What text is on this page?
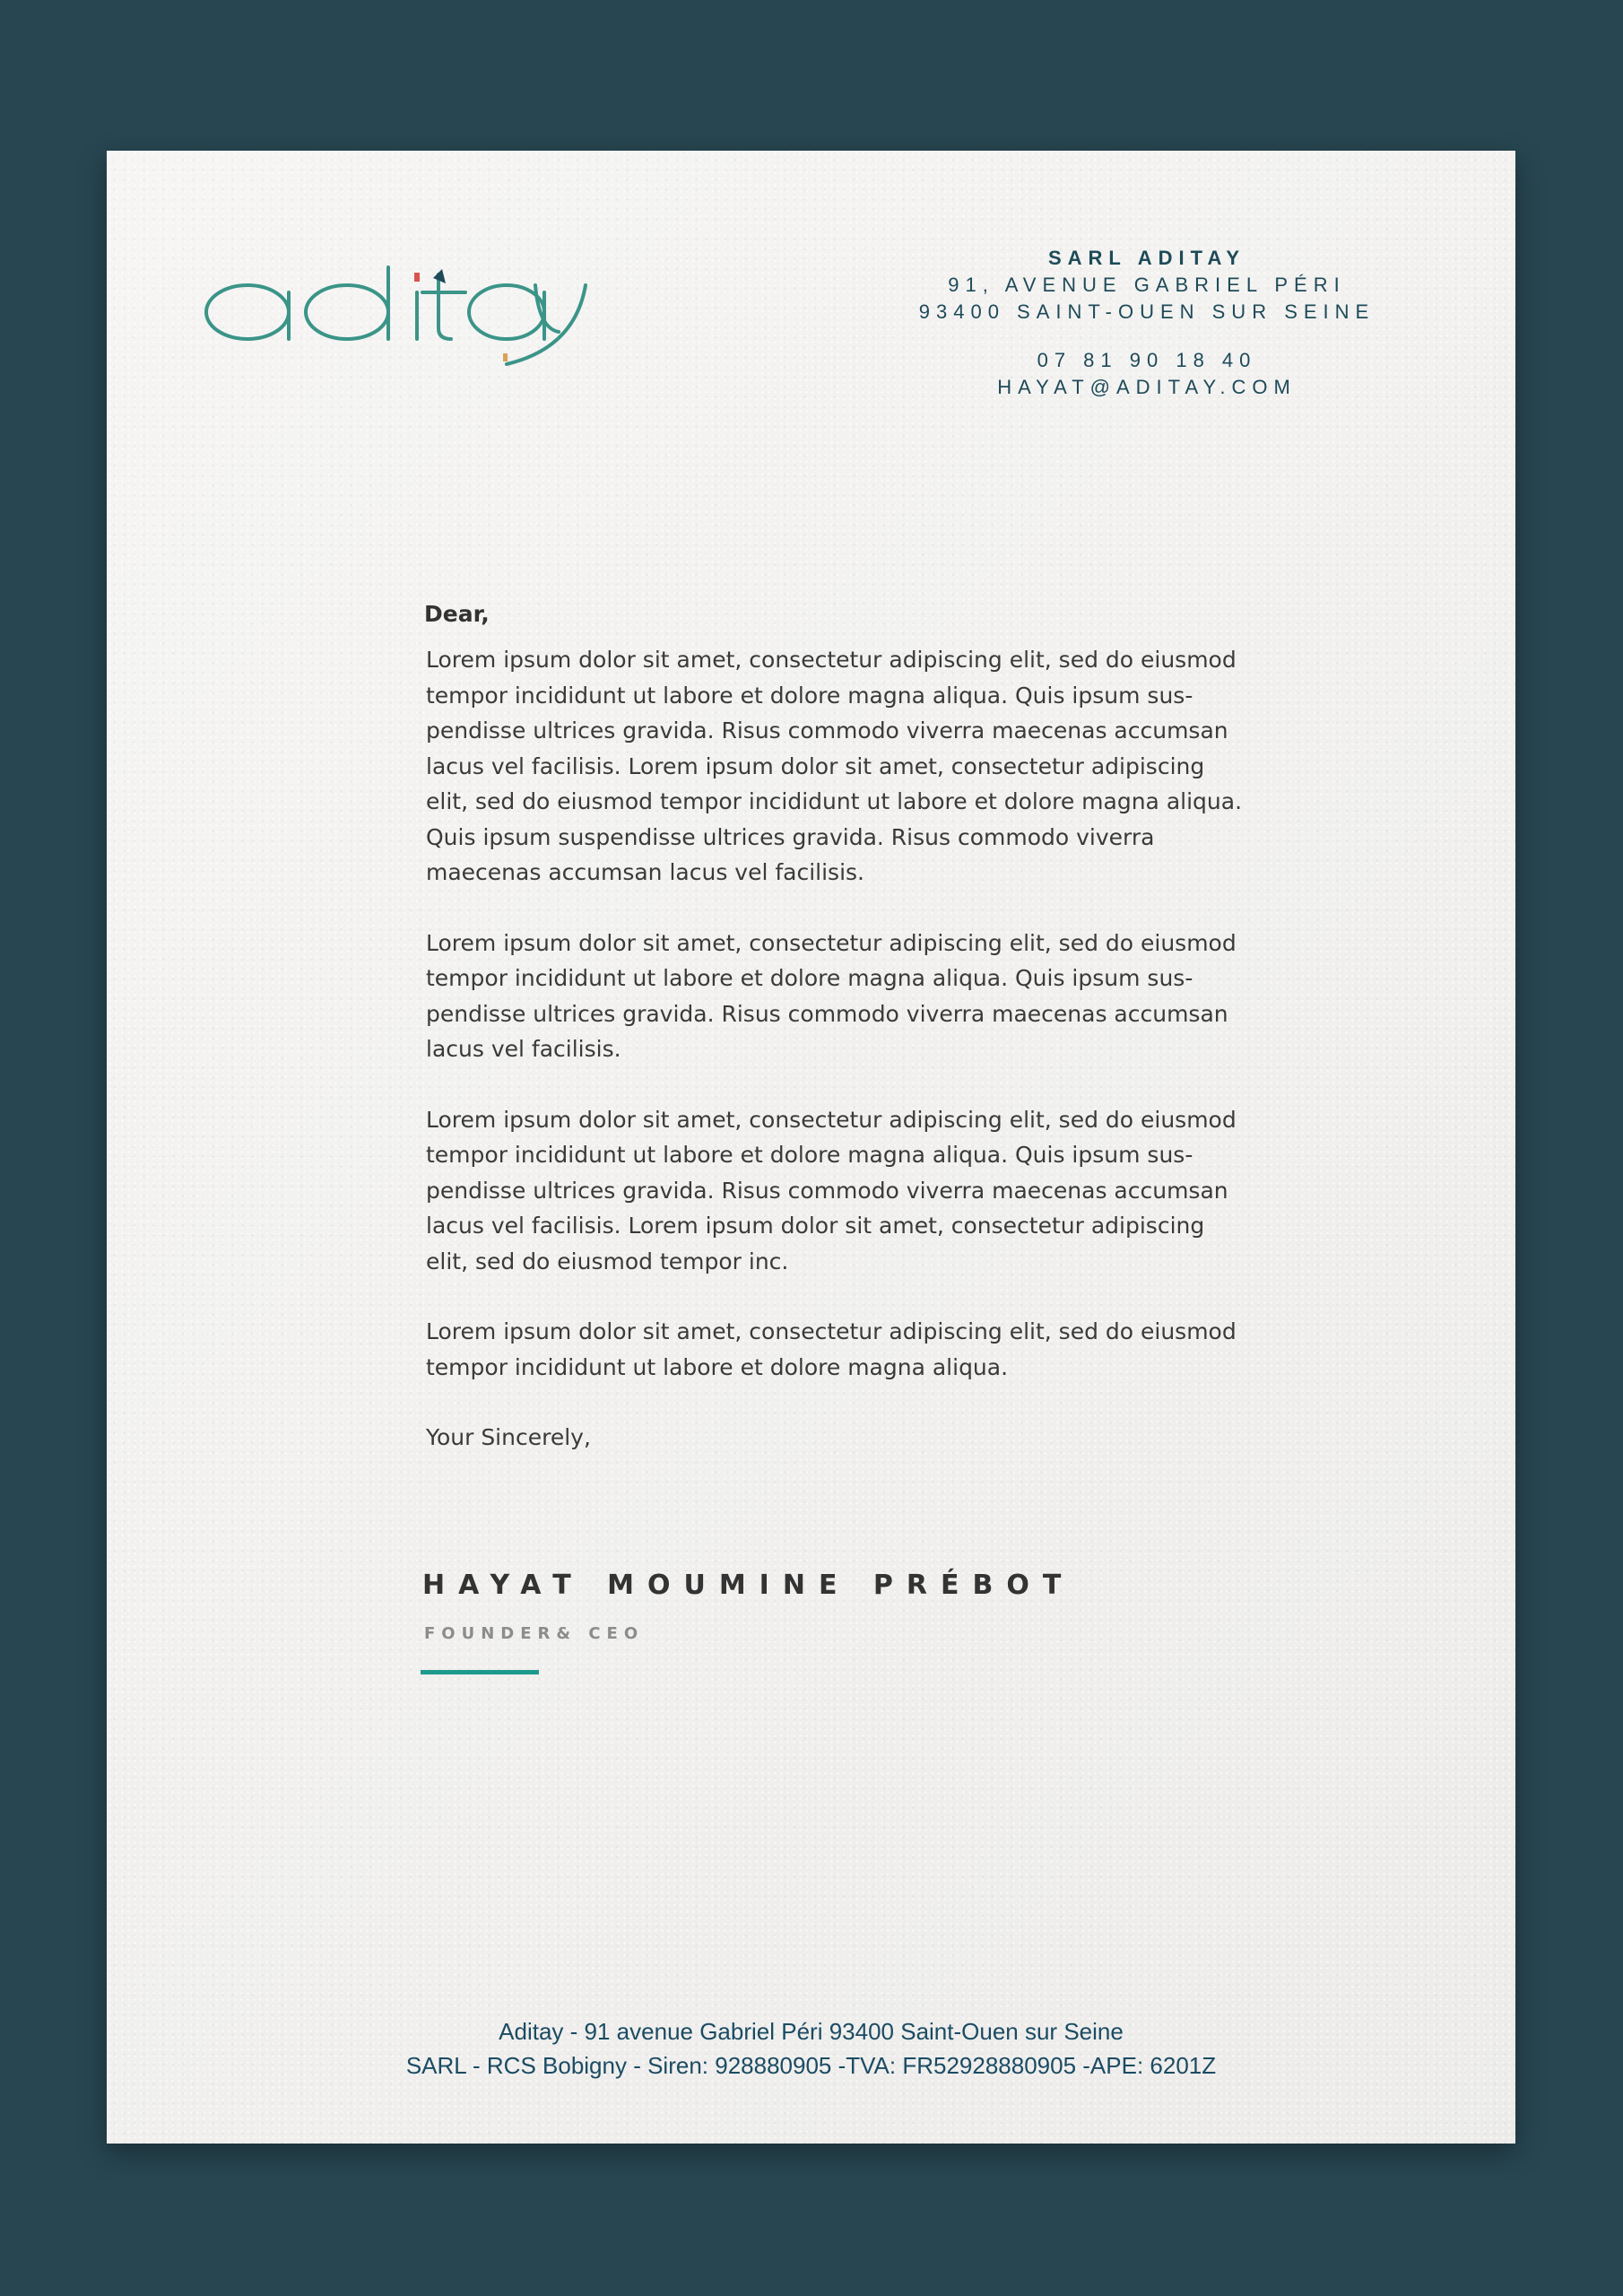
SARL ADITAY
91, AVENUE GABRIEL PÉRI
93400 SAINT-OUEN SUR SEINE
07 81 90 18 40
HAYAT@ADITAY.COM
Dear,
Lorem ipsum dolor sit amet, consectetur adipiscing elit, sed do eiusmod tempor incididunt ut labore et dolore magna aliqua. Quis ipsum sus-pendisse ultrices gravida. Risus commodo viverra maecenas accumsan lacus vel facilisis. Lorem ipsum dolor sit amet, consectetur adipiscing elit, sed do eiusmod tempor incididunt ut labore et dolore magna aliqua. Quis ipsum suspendisse ultrices gravida. Risus commodo viverra maecenas accumsan lacus vel facilisis.
Lorem ipsum dolor sit amet, consectetur adipiscing elit, sed do eiusmod tempor incididunt ut labore et dolore magna aliqua. Quis ipsum sus-pendisse ultrices gravida. Risus commodo viverra maecenas accumsan lacus vel facilisis.
Lorem ipsum dolor sit amet, consectetur adipiscing elit, sed do eiusmod tempor incididunt ut labore et dolore magna aliqua. Quis ipsum sus-pendisse ultrices gravida. Risus commodo viverra maecenas accumsan lacus vel facilisis. Lorem ipsum dolor sit amet, consectetur adipiscing elit, sed do eiusmod tempor inc.
Lorem ipsum dolor sit amet, consectetur adipiscing elit, sed do eiusmod tempor incididunt ut labore et dolore magna aliqua.
Your Sincerely,
HAYAT MOUMINE PRÉBOT
FOUNDER& CEO
Aditay - 91 avenue Gabriel Péri 93400 Saint-Ouen sur Seine
SARL - RCS Bobigny - Siren: 928880905 -TVA: FR52928880905 -APE: 6201Z
